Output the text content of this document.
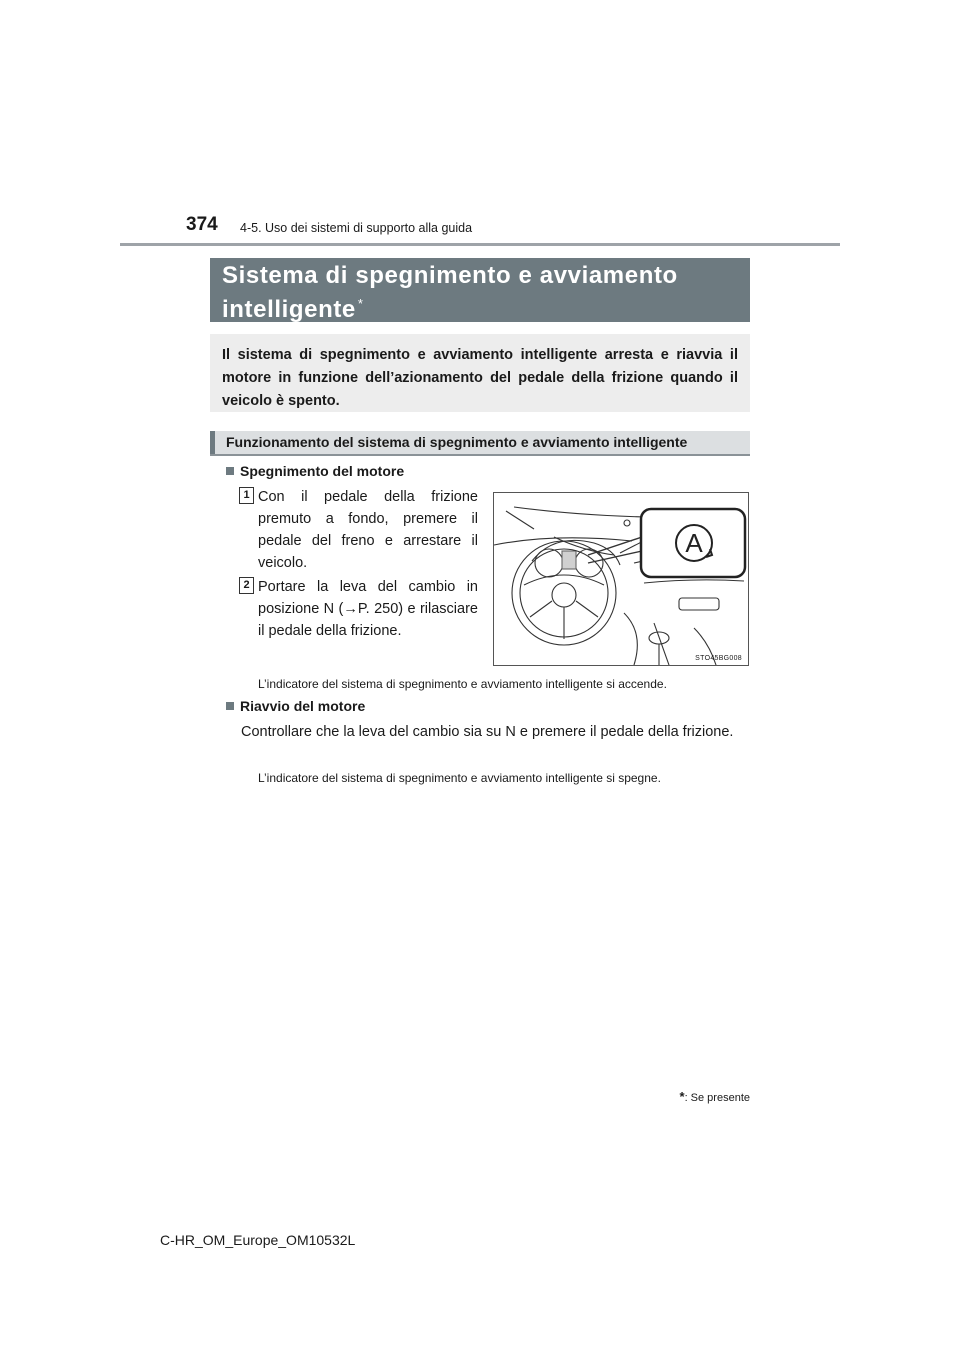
374 4-5. Uso dei sistemi di supporto alla guida
Sistema di spegnimento e avviamento
intelligente *
Il sistema di spegnimento e avviamento intelligente arresta e riavvia il motore in funzione dell’azionamento del pedale della frizione quando il veicolo è spento.
Funzionamento del sistema di spegnimento e avviamento intelligente
Spegnimento del motore
1 Con il pedale della frizione premuto a fondo, premere il pedale del freno e arrestare il veicolo.
2 Portare la leva del cambio in posizione N (→P. 250) e rilasciare il pedale della frizione.
A
STO45BG008
L’indicatore del sistema di spegnimento e avviamento intelligente si accende.
Riavvio del motore
Controllare che la leva del cambio sia su N e premere il pedale della frizione.
L’indicatore del sistema di spegnimento e avviamento intelligente si spegne.
*: Se presente
C-HR_OM_Europe_OM10532L
